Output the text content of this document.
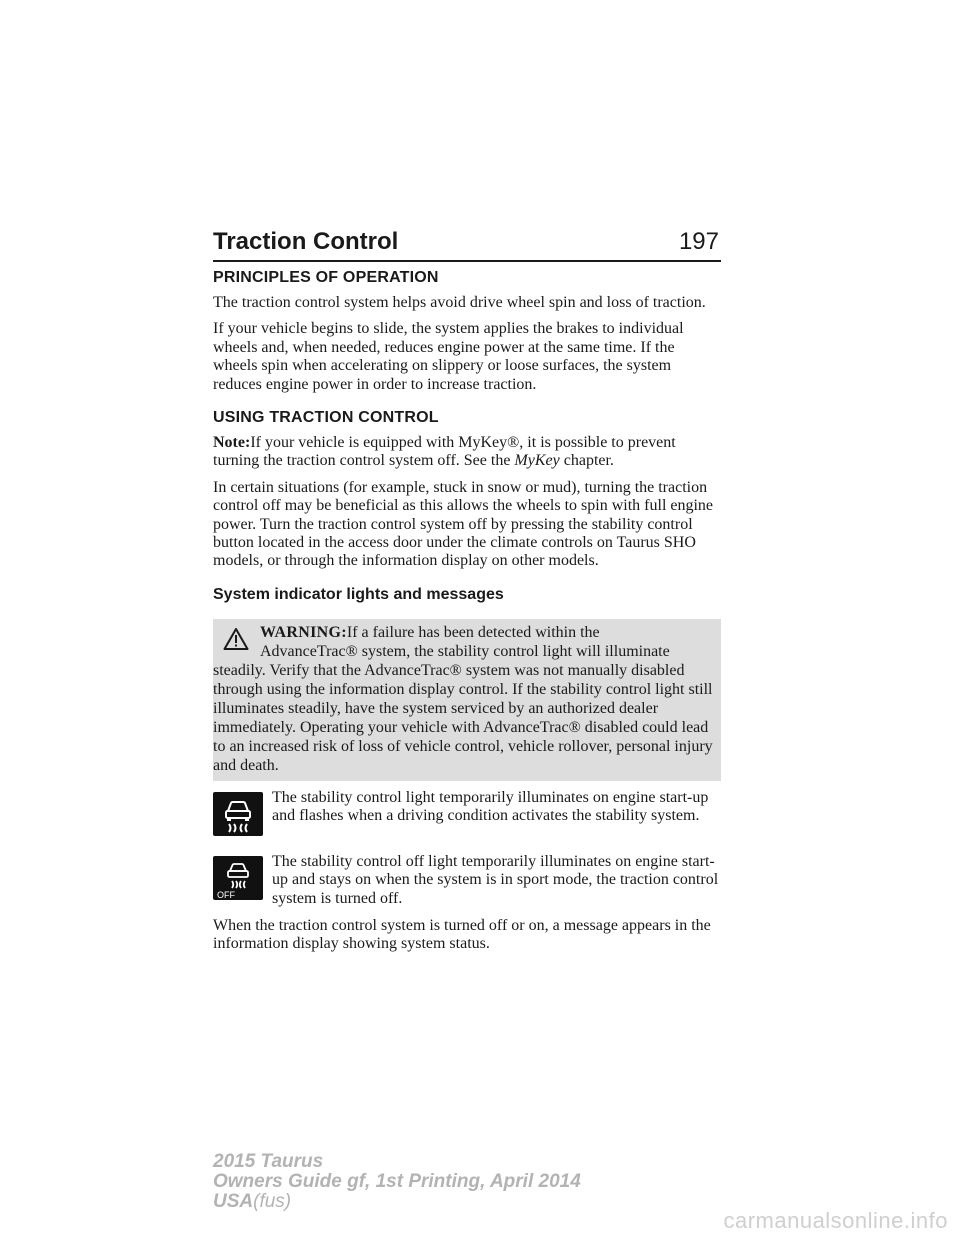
Traction Control	197
PRINCIPLES OF OPERATION

The traction control system helps avoid drive wheel spin and loss of traction.

If your vehicle begins to slide, the system applies the brakes to individual wheels and, when needed, reduces engine power at the same time. If the wheels spin when accelerating on slippery or loose surfaces, the system reduces engine power in order to increase traction.

USING TRACTION CONTROL

Note:If your vehicle is equipped with MyKey®, it is possible to prevent turning the traction control system off. See the MyKey chapter.

In certain situations (for example, stuck in snow or mud), turning the traction control off may be beneficial as this allows the wheels to spin with full engine power. Turn the traction control system off by pressing the stability control button located in the access door under the climate controls on Taurus SHO models, or through the information display on other models.

System indicator lights and messages

WARNING:If a failure has been detected within the

AdvanceTrac® system, the stability control light will illuminate

steadily. Verify that the AdvanceTrac® system was not manually disabled through using the information display control. If the stability control light still illuminates steadily, have the system serviced by an authorized dealer immediately. Operating your vehicle with AdvanceTrac® disabled could lead to an increased risk of loss of vehicle control, vehicle rollover, personal injury and death.

The stability control light temporarily illuminates on engine start-up and flashes when a driving condition activates the stability system.

OFF

The stability control off light temporarily illuminates on engine start-up and stays on when the system is in sport mode, the traction control system is turned off.

When the traction control system is turned off or on, a message appears in the information display showing system status.

2015 Taurus
Owners Guide gf, 1st Printing, April 2014
USA(fus)
carmanualsonline.info
